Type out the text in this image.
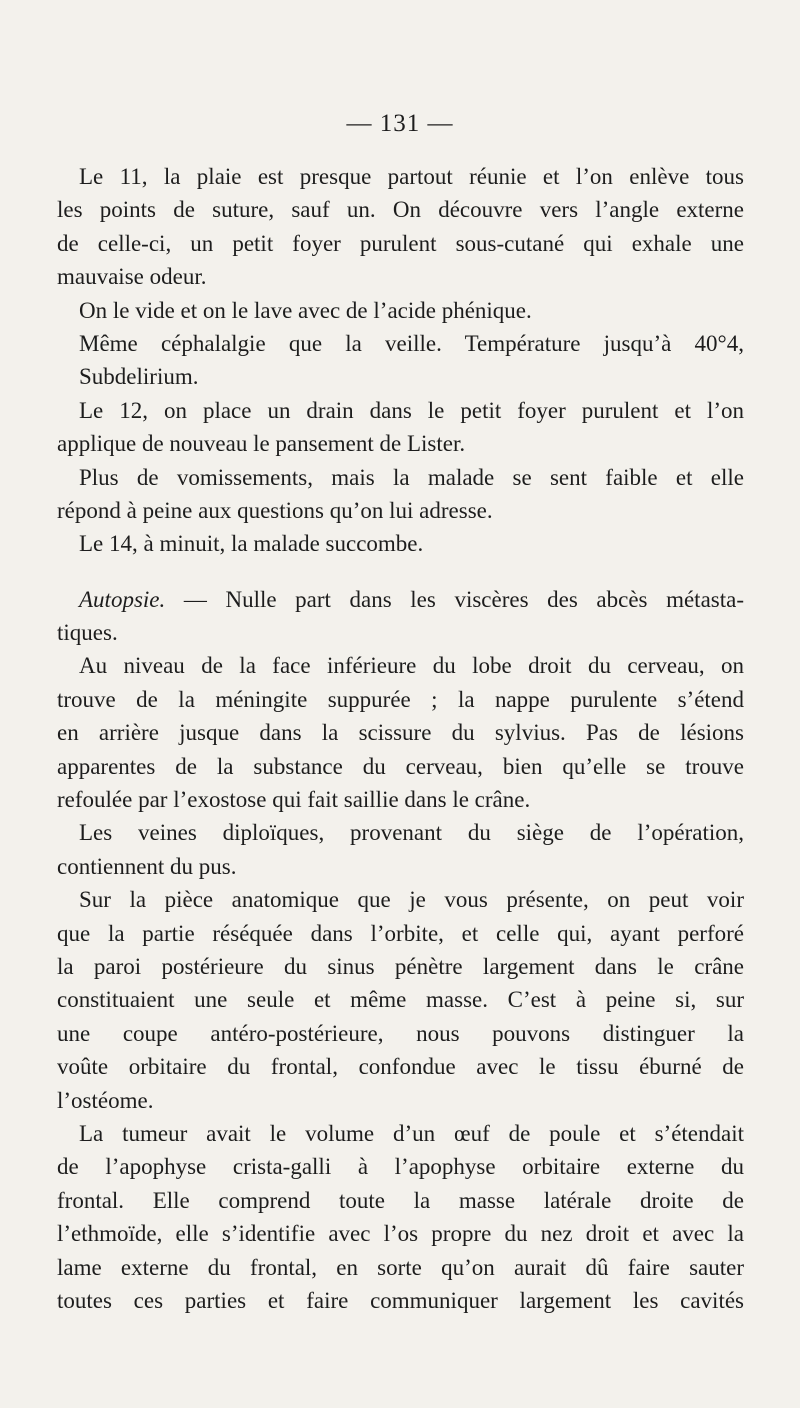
— 131 —
Le 11, la plaie est presque partout réunie et l’on enlève tous
les points de suture, sauf un. On découvre vers l’angle externe
de celle-ci, un petit foyer purulent sous-cutané qui exhale une
mauvaise odeur.
On le vide et on le lave avec de l’acide phénique.
Même céphalalgie que la veille. Température jusqu’à 40°4,
Subdelirium.
Le 12, on place un drain dans le petit foyer purulent et l’on
applique de nouveau le pansement de Lister.
Plus de vomissements, mais la malade se sent faible et elle
répond à peine aux questions qu’on lui adresse.
Le 14, à minuit, la malade succombe.
Autopsie. — Nulle part dans les viscères des abcès métasta-
tiques.
Au niveau de la face inférieure du lobe droit du cerveau, on
trouve de la méningite suppurée ; la nappe purulente s’étend
en arrière jusque dans la scissure du sylvius. Pas de lésions
apparentes de la substance du cerveau, bien qu’elle se trouve
refoulée par l’exostose qui fait saillie dans le crâne.
Les veines diploïques, provenant du siège de l’opération,
contiennent du pus.
Sur la pièce anatomique que je vous présente, on peut voir
que la partie réséquée dans l’orbite, et celle qui, ayant perforé
la paroi postérieure du sinus pénètre largement dans le crâne
constituaient une seule et même masse. C’est à peine si, sur
une coupe antéro-postérieure, nous pouvons distinguer la
voûte orbitaire du frontal, confondue avec le tissu éburné de
l’ostéome.
La tumeur avait le volume d’un œuf de poule et s’étendait
de l’apophyse crista-galli à l’apophyse orbitaire externe du
frontal. Elle comprend toute la masse latérale droite de
l’ethmoïde, elle s’identifie avec l’os propre du nez droit et avec la
lame externe du frontal, en sorte qu’on aurait dû faire sauter
toutes ces parties et faire communiquer largement les cavités
